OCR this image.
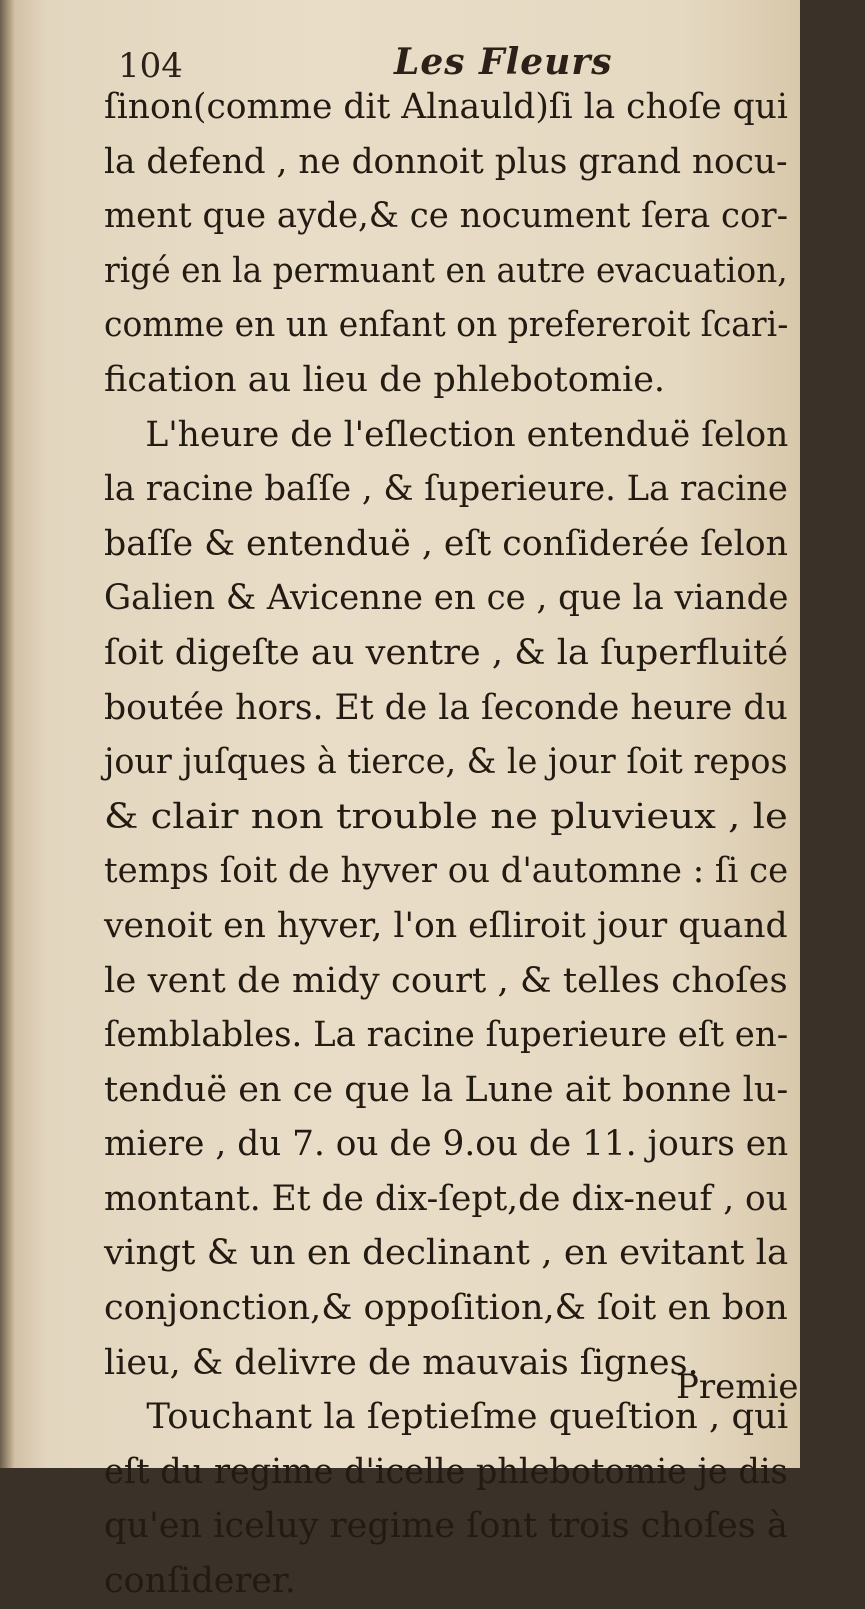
104	Les Fleurs
ſinon(comme dit Alnauld)ſi la choſe qui
la defend , ne donnoit plus grand nocu-
ment que ayde,& ce nocument ſera cor-
rigé en la permuant en autre evacuation,
comme en un enfant on prefereroit ſcari-
fication au lieu de phlebotomie.
L'heure de l'eſlection entenduë ſelon
la racine baſſe , & ſuperieure. La racine
baſſe & entenduë , eſt conſiderée ſelon
Galien & Avicenne en ce , que la viande
ſoit digeſte au ventre , & la ſuperfluité
boutée hors. Et de la ſeconde heure du
jour juſques à tierce, & le jour ſoit repos
& clair non trouble ne pluvieux , le
temps ſoit de hyver ou d'automne : ſi ce
venoit en hyver, l'on eſliroit jour quand
le vent de midy court , & telles choſes
ſemblables. La racine ſuperieure eſt en-
tenduë en ce que la Lune ait bonne lu-
miere , du 7. ou de 9.ou de 11. jours en
montant. Et de dix-ſept,de dix-neuf , ou
vingt & un en declinant , en evitant la
conjonction,& oppoſition,& ſoit en bon
lieu, & delivre de mauvais ſignes.
Touchant la ſeptieſme queſtion , qui
eſt du regime d'icelle phlebotomie je dis
qu'en iceluy regime ſont trois choſes à
conſiderer.
Premie
